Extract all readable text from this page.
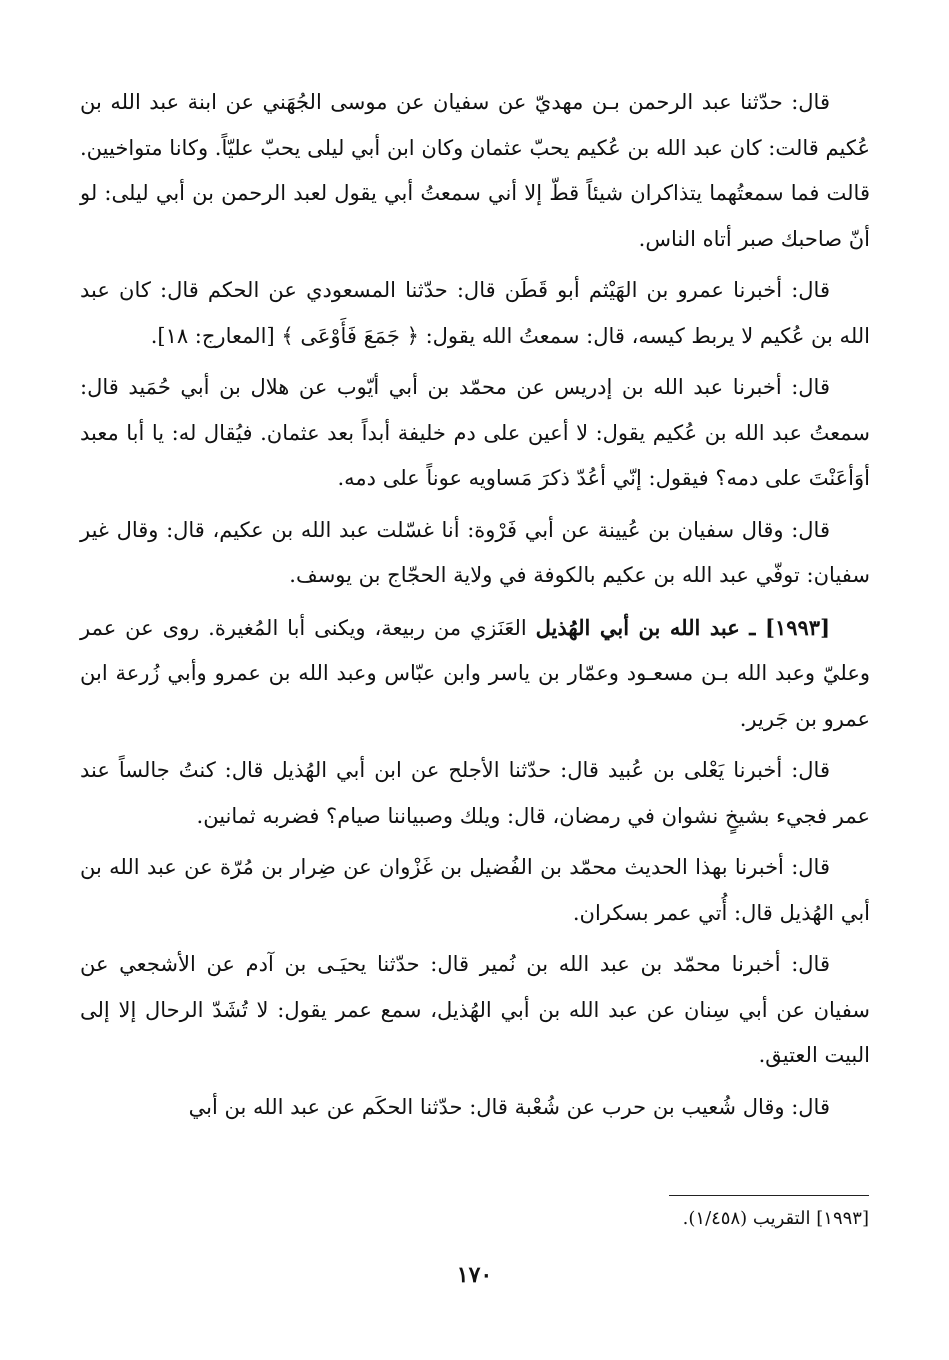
قال: حدّثنا عبد الرحمن بـن مهديّ عن سفيان عن موسى الجُهَني عن ابنة عبد الله بن عُكيم قالت: كان عبد الله بن عُكيم يحبّ عثمان وكان ابن أبي ليلى يحبّ عليّاً. وكانا متواخيين. قالت فما سمعتُهما يتذاكران شيئاً قطّ إلا أني سمعتُ أبي يقول لعبد الرحمن بن أبي ليلى: لو أنّ صاحبك صبر أتاه الناس.

قال: أخبرنا عمرو بن الهَيْثم أبو قَطَن قال: حدّثنا المسعودي عن الحكم قال: كان عبد الله بن عُكيم لا يربط كيسه، قال: سمعتُ الله يقول: ﴿ جَمَعَ فَأَوْعَى ﴾ [المعارج: ١٨].

قال: أخبرنا عبد الله بن إدريس عن محمّد بن أبي أيّوب عن هلال بن أبي حُمَيد قال: سمعتُ عبد الله بن عُكيم يقول: لا أعين على دم خليفة أبداً بعد عثمان. فيُقال له: يا أبا معبد أوَأعَنْتَ على دمه؟ فيقول: إنّي أعُدّ ذكرَ مَساويه عوناً على دمه.

قال: وقال سفيان بن عُيينة عن أبي فَرْوة: أنا غسّلت عبد الله بن عكيم، قال: وقال غير سفيان: توفّي عبد الله بن عكيم بالكوفة في ولاية الحجّاج بن يوسف.

[١٩٩٣] ـ عبد الله بن أبي الهُذيل العَنَزي من ربيعة، ويكنى أبا المُغيرة. روى عن عمر وعليّ وعبد الله بـن مسعـود وعمّار بن ياسر وابن عبّاس وعبد الله بن عمرو وأبي زُرعة ابن عمرو بن جَرير.

قال: أخبرنا يَعْلى بن عُبيد قال: حدّثنا الأجلح عن ابن أبي الهُذيل قال: كنتُ جالساً عند عمر فجيء بشيخٍ نشوان في رمضان، قال: ويلك وصبياننا صيام؟ فضربه ثمانين.

قال: أخبرنا بهذا الحديث محمّد بن الفُضيل بن غَزْوان عن ضِرار بن مُرّة عن عبد الله بن أبي الهُذيل قال: أُتي عمر بسكران.

قال: أخبرنا محمّد بن عبد الله بن نُمير قال: حدّثنا يحيَـى بن آدم عن الأشجعي عن سفيان عن أبي سِنان عن عبد الله بن أبي الهُذيل، سمع عمر يقول: لا تُشَدّ الرحال إلا إلى البيت العتيق.

قال: وقال شُعيب بن حرب عن شُعْبة قال: حدّثنا الحكَم عن عبد الله بن أبي

[١٩٩٣] التقريب (١/٤٥٨).
١٧٠
